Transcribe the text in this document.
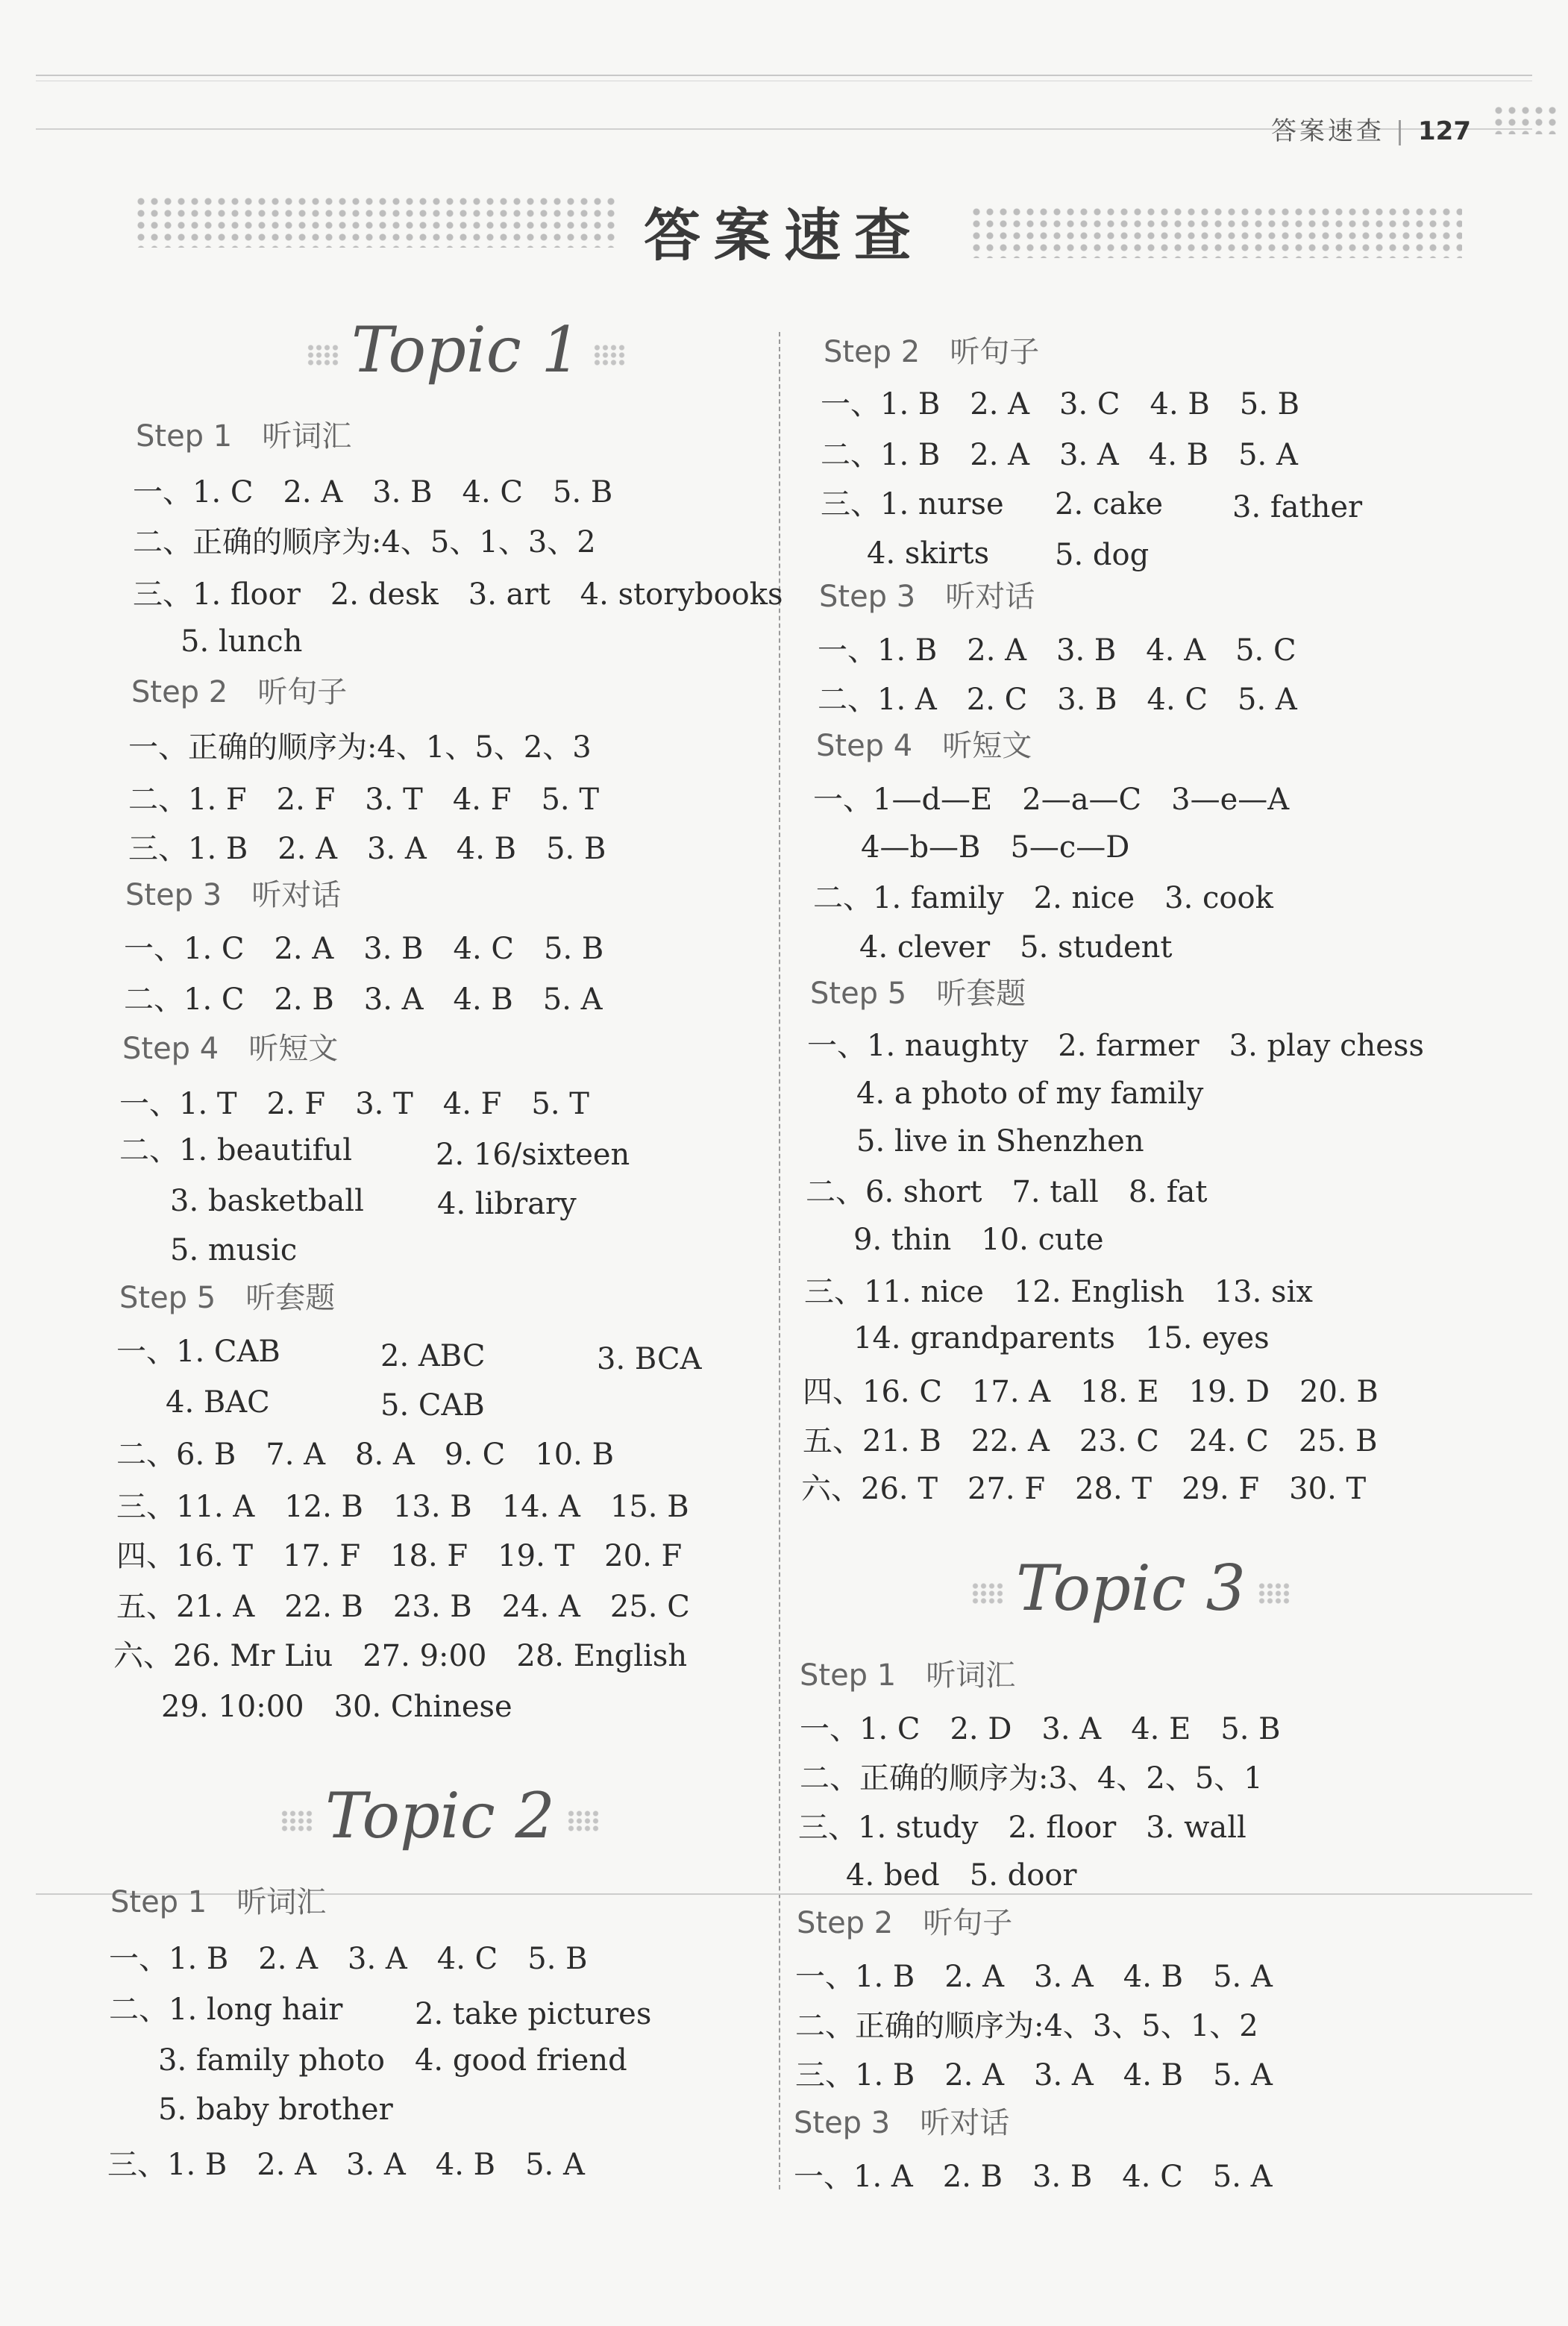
答案速查 | 127
答案速查
Topic 1
Step 1　听词汇
一、1. C　2. A　3. B　4. C　5. B
二、正确的顺序为:4、5、1、3、2
三、1. floor　2. desk　3. art　4. storybooks
5. lunch
Step 2　听句子
一、正确的顺序为:4、1、5、2、3
二、1. F　2. F　3. T　4. F　5. T
三、1. B　2. A　3. A　4. B　5. B
Step 3　听对话
一、1. C　2. A　3. B　4. C　5. B
二、1. C　2. B　3. A　4. B　5. A
Step 4　听短文
一、1. T　2. F　3. T　4. F　5. T
二、1. beautiful	2. 16/sixteen
3. basketball 4. library
5. music
Step 5　听套题
一、1. CAB	2. ABC	3. BCA
4. BAC	5. CAB
二、6. B　7. A　8. A　9. C　10. B
三、11. A　12. B　13. B　14. A　15. B
四、16. T　17. F　18. F　19. T　20. F
五、21. A　22. B　23. B　24. A　25. C
六、26. Mr Liu　27. 9:00　28. English
29. 10:00　30. Chinese
Topic 2
Step 1　听词汇
一、1. B　2. A　3. A　4. C　5. B
二、1. long hair 2. take pictures
3. family photo　4. good friend
5. baby brother
三、1. B　2. A　3. A　4. B　5. A
Step 2　听句子
一、1. B　2. A　3. C　4. B　5. B
二、1. B　2. A　3. A　4. B　5. A
三、1. nurse 2. cake 3. father
4. skirts 5. dog
Step 3　听对话
一、1. B　2. A　3. B　4. A　5. C
二、1. A　2. C　3. B　4. C　5. A
Step 4　听短文
一、1—d—E　2—a—C　3—e—A
4—b—B　5—c—D
二、1. family　2. nice　3. cook
4. clever　5. student
Step 5　听套题
一、1. naughty　2. farmer　3. play chess
4. a photo of my family
5. live in Shenzhen
二、6. short　7. tall　8. fat
9. thin　10. cute
三、11. nice　12. English　13. six
14. grandparents　15. eyes
四、16. C　17. A　18. E　19. D　20. B
五、21. B　22. A　23. C　24. C　25. B
六、26. T　27. F　28. T　29. F　30. T
Topic 3
Step 1　听词汇
一、1. C　2. D　3. A　4. E　5. B
二、正确的顺序为:3、4、2、5、1
三、1. study　2. floor　3. wall
4. bed　5. door
Step 2　听句子
一、1. B　2. A　3. A　4. B　5. A
二、正确的顺序为:4、3、5、1、2
三、1. B　2. A　3. A　4. B　5. A
Step 3　听对话
一、1. A　2. B　3. B　4. C　5. A
